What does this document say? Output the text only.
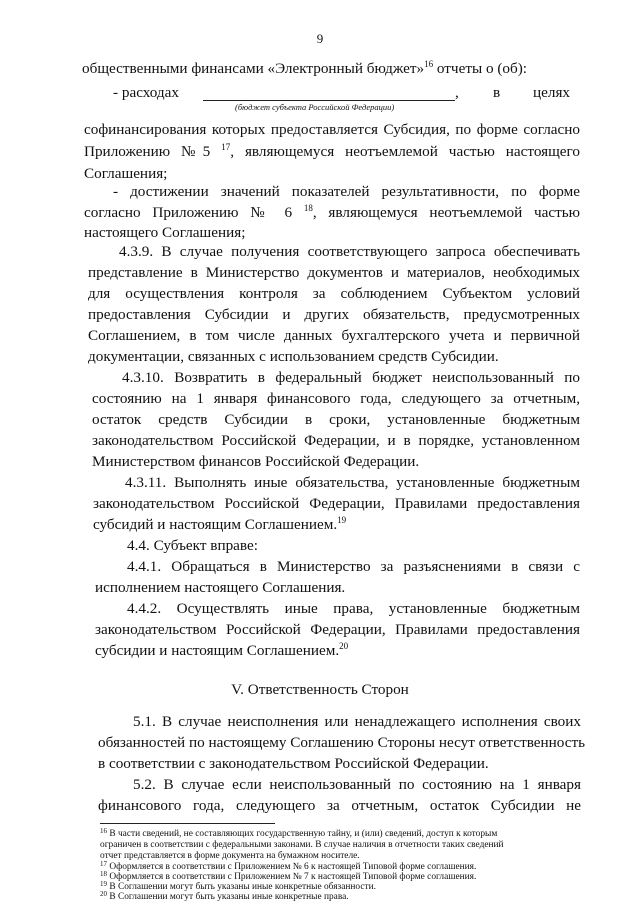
9
общественными финансами «Электронный бюджет»$^{16}$ отчеты о (об):
- расходах	, в целях
(бюджет субъекта Российской Федерации)
софинансирования которых предоставляется Субсидия, по форме согласно
Приложению №5 $^{17}$, являющемуся неотъемлемой частью настоящего
Соглашения;
- достижении значений показателей результативности, по форме
согласно Приложению № 6 $^{18}$, являющемуся неотъемлемой частью
настоящего Соглашения;
4.3.9. В случае получения соответствующего запроса обеспечивать
представление в Министерство документов и материалов, необходимых
для осуществления контроля за соблюдением Субъектом условий
предоставления Субсидии и других обязательств, предусмотренных
Соглашением, в том числе данных бухгалтерского учета и первичной
документации, связанных с использованием средств Субсидии.
4.3.10. Возвратить в федеральный бюджет неиспользованный по
состоянию на 1 января финансового года, следующего за отчетным,
остаток средств Субсидии в сроки, установленные бюджетным
законодательством Российской Федерации, и в порядке, установленном
Министерством финансов Российской Федерации.
4.3.11. Выполнять иные обязательства, установленные бюджетным
законодательством Российской Федерации, Правилами предоставления
субсидий и настоящим Соглашением.$^{19}$
4.4. Субъект вправе:
4.4.1. Обращаться в Министерство за разъяснениями в связи с
исполнением настоящего Соглашения.
4.4.2. Осуществлять иные права, установленные бюджетным
законодательством Российской Федерации, Правилами предоставления
субсидии и настоящим Соглашением.$^{20}$
V. Ответственность Сторон
5.1. В случае неисполнения или ненадлежащего исполнения своих
обязанностей по настоящему Соглашению Стороны несут ответственность
в соответствии с законодательством Российской Федерации.
5.2. В случае если неиспользованный по состоянию на 1 января
финансового года, следующего за отчетным, остаток Субсидии не
$^{16}$ В части сведений, не составляющих государственную тайну, и (или) сведений, доступ к которым
ограничен в соответствии с федеральными законами. В случае наличия в отчетности таких сведений
отчет представляется в форме документа на бумажном носителе.
$^{17}$ Оформляется в соответствии с Приложением № 6 к настоящей Типовой форме соглашения.
$^{18}$ Оформляется в соответствии с Приложением № 7 к настоящей Типовой форме соглашения.
$^{19}$ В Соглашении могут быть указаны иные конкретные обязанности.
$^{20}$ В Соглашении могут быть указаны иные конкретные права.
